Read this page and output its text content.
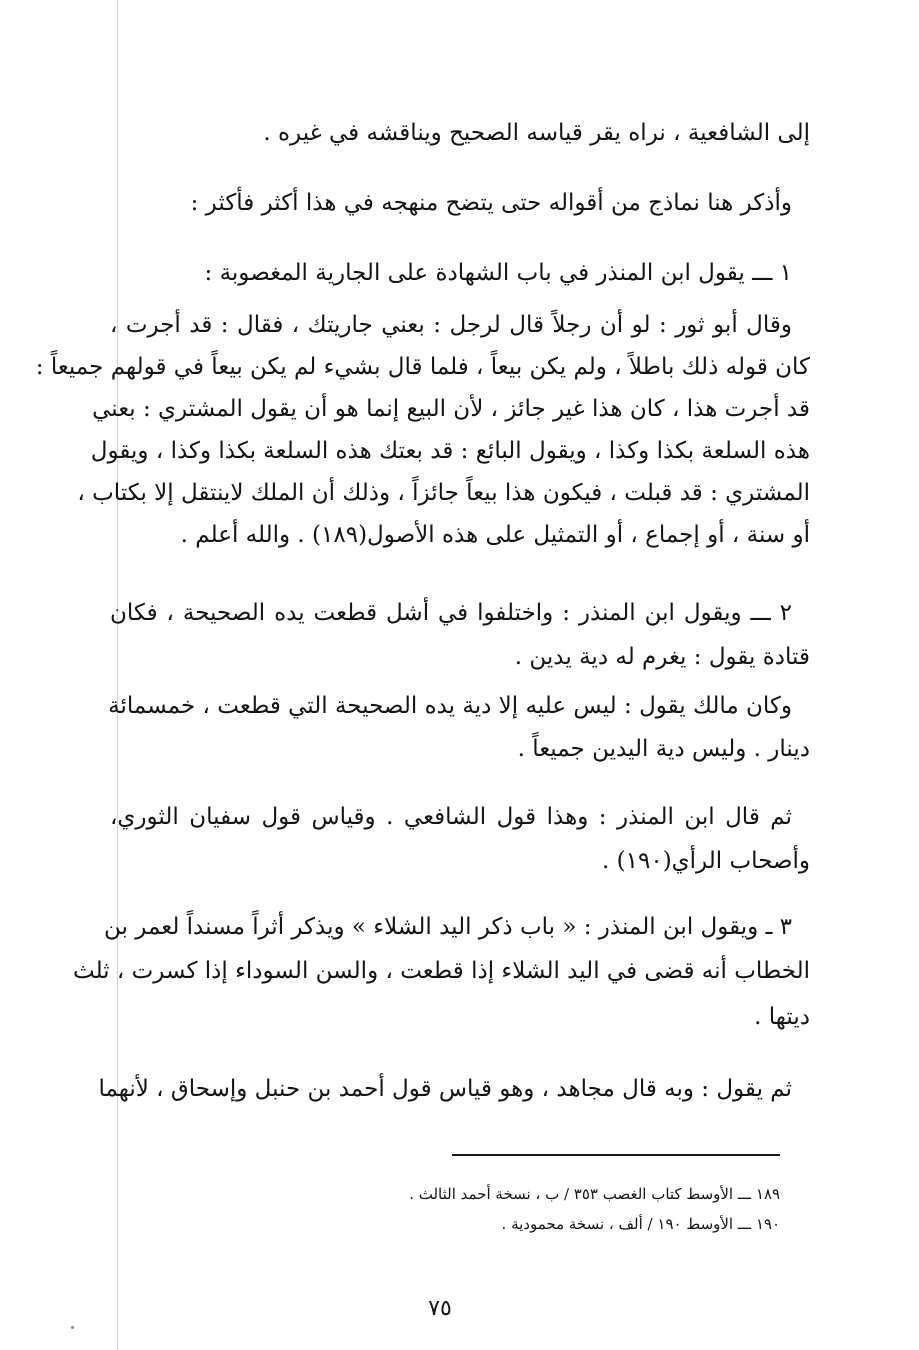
إلى الشافعية ، نراه يقر قياسه الصحيح ويناقشه في غيره .
وأذكر هنا نماذج من أقواله حتى يتضح منهجه في هذا أكثر فأكثر :
١ ـــ يقول ابن المنذر في باب الشهادة على الجارية المغصوبة :
وقال أبو ثور : لو أن رجلاً قال لرجل : بعني جاريتك ، فقال : قد أجرت ،
كان قوله ذلك باطلاً ، ولم يكن بيعاً ، فلما قال بشيء لم يكن بيعاً في قولهم جميعاً :
قد أجرت هذا ، كان هذا غير جائز ، لأن البيع إنما هو أن يقول المشتري : بعني
هذه السلعة بكذا وكذا ، ويقول البائع : قد بعتك هذه السلعة بكذا وكذا ، ويقول
المشتري : قد قبلت ، فيكون هذا بيعاً جائزاً ، وذلك أن الملك لاينتقل إلا بكتاب ،
أو سنة ، أو إجماع ، أو التمثيل على هذه الأصول(١٨٩) . والله أعلم .
٢ ـــ ويقول ابن المنذر : واختلفوا في أشل قطعت يده الصحيحة ، فكان
قتادة يقول : يغرم له دية يدين .
وكان مالك يقول : ليس عليه إلا دية يده الصحيحة التي قطعت ، خمسمائة
دينار . وليس دية اليدين جميعاً .
ثم قال ابن المنذر : وهذا قول الشافعي . وقياس قول سفيان الثوري،
وأصحاب الرأي(١٩٠) .
٣ ـ ويقول ابن المنذر : « باب ذكر اليد الشلاء » ويذكر أثراً مسنداً لعمر بن
الخطاب أنه قضى في اليد الشلاء إذا قطعت ، والسن السوداء إذا كسرت ، ثلث
ديتها .
ثم يقول : وبه قال مجاهد ، وهو قياس قول أحمد بن حنبل وإسحاق ، لأنهما
١٨٩ ـــ الأوسط كتاب الغصب ٣٥٣ / ب ، نسخة أحمد الثالث .
١٩٠ ـــ الأوسط ١٩٠ / ألف ، نسخة محمودية .
٧٥
